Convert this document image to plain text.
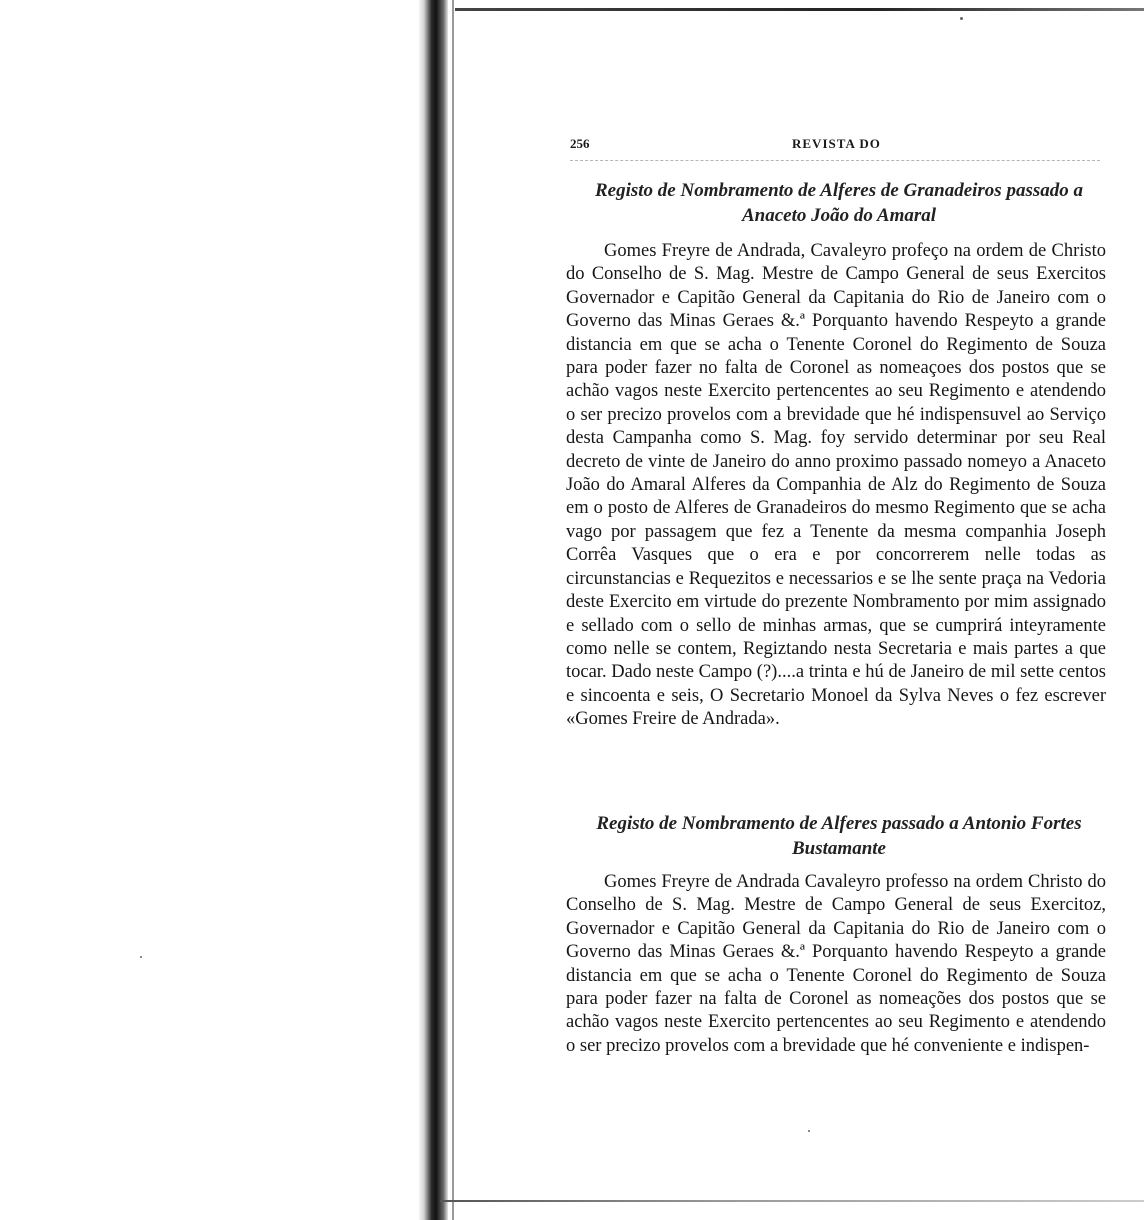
256	REVISTA DO
Registo de Nombramento de Alferes de Granadeiros passado a Anaceto João do Amaral
Gomes Freyre de Andrada, Cavaleyro profeço na ordem de Christo do Conselho de S. Mag. Mestre de Campo General de seus Exercitos Governador e Capitão General da Capitania do Rio de Janeiro com o Governo das Minas Geraes &.ª Porquanto havendo Respeyto a grande distancia em que se acha o Tenente Coronel do Regimento de Souza para poder fazer no falta de Coronel as nomeaçoes dos postos que se achão vagos neste Exercito pertencentes ao seu Regimento e atendendo o ser precizo provelos com a brevidade que hé indispensuvel ao Serviço desta Campanha como S. Mag. foy servido determinar por seu Real decreto de vinte de Janeiro do anno proximo passado nomeyo a Anaceto João do Amaral Alferes da Companhia de Alz do Regimento de Souza em o posto de Alferes de Granadeiros do mesmo Regimento que se acha vago por passagem que fez a Tenente da mesma companhia Joseph Corrêa Vasques que o era e por concorrerem nelle todas as circunstancias e Requezitos e necessarios e se lhe sente praça na Vedoria deste Exercito em virtude do prezente Nombramento por mim assignado e sellado com o sello de minhas armas, que se cumprirá inteyramente como nelle se contem, Regiztando nesta Secretaria e mais partes a que tocar. Dado neste Campo (?)....a trinta e hú de Janeiro de mil sette centos e sincoenta e seis, O Secretario Monoel da Sylva Neves o fez escrever «Gomes Freire de Andrada».
Registo de Nombramento de Alferes passado a Antonio Fortes Bustamante
Gomes Freyre de Andrada Cavaleyro professo na ordem Christo do Conselho de S. Mag. Mestre de Campo General de seus Exercitoz, Governador e Capitão General da Capitania do Rio de Janeiro com o Governo das Minas Geraes &.ª Porquanto havendo Respeyto a grande distancia em que se acha o Tenente Coronel do Regimento de Souza para poder fazer na falta de Coronel as nomeações dos postos que se achão vagos neste Exercito pertencentes ao seu Regimento e atendendo o ser precizo provelos com a brevidade que hé conveniente e indispen-
